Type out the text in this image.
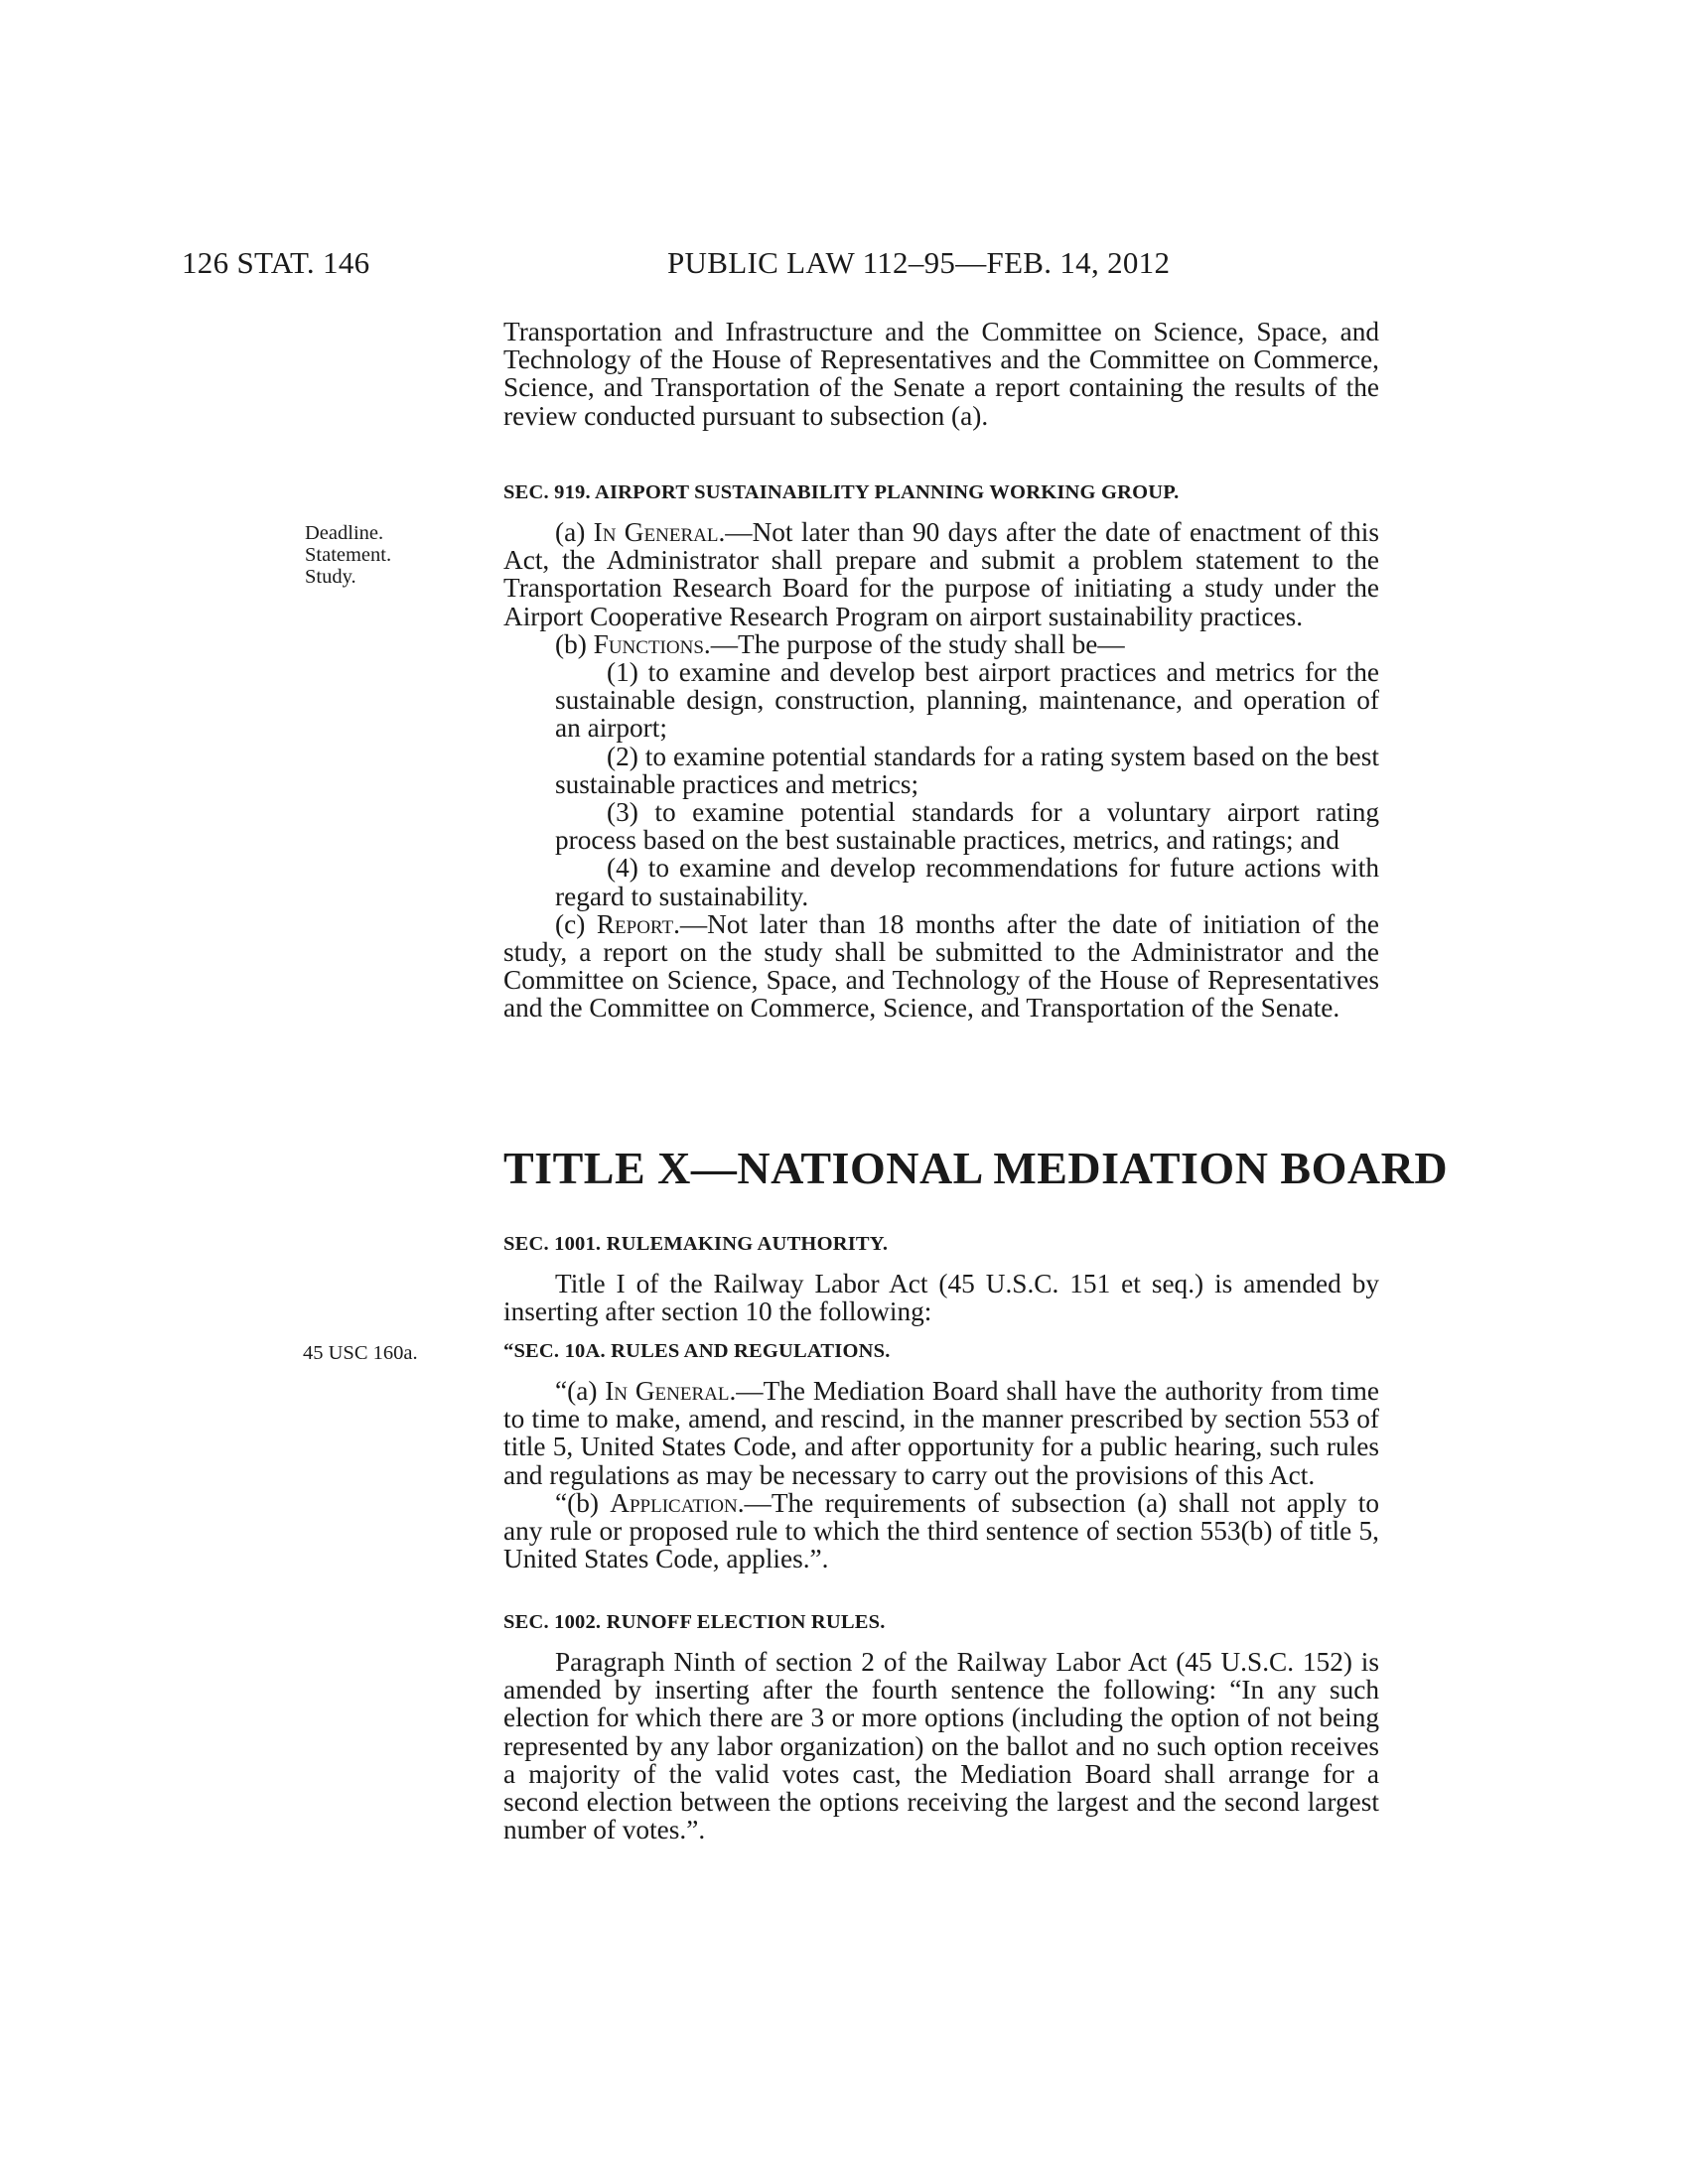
126 STAT. 146	PUBLIC LAW 112–95—FEB. 14, 2012

Transportation and Infrastructure and the Committee on Science, Space, and Technology of the House of Representatives and the Committee on Commerce, Science, and Transportation of the Senate a report containing the results of the review conducted pursuant to subsection (a).

SEC. 919. AIRPORT SUSTAINABILITY PLANNING WORKING GROUP.

Deadline.
Statement.
Study.

(a) In General.—Not later than 90 days after the date of enactment of this Act, the Administrator shall prepare and submit a problem statement to the Transportation Research Board for the purpose of initiating a study under the Airport Cooperative Research Program on airport sustainability practices.

(b) Functions.—The purpose of the study shall be—

(1) to examine and develop best airport practices and metrics for the sustainable design, construction, planning, maintenance, and operation of an airport;

(2) to examine potential standards for a rating system based on the best sustainable practices and metrics;

(3) to examine potential standards for a voluntary airport rating process based on the best sustainable practices, metrics, and ratings; and

(4) to examine and develop recommendations for future actions with regard to sustainability.

(c) Report.—Not later than 18 months after the date of initiation of the study, a report on the study shall be submitted to the Administrator and the Committee on Science, Space, and Technology of the House of Representatives and the Committee on Commerce, Science, and Transportation of the Senate.

TITLE X—NATIONAL MEDIATION BOARD

SEC. 1001. RULEMAKING AUTHORITY.

Title I of the Railway Labor Act (45 U.S.C. 151 et seq.) is amended by inserting after section 10 the following:

45 USC 160a.	“SEC. 10A. RULES AND REGULATIONS.

“(a) In General.—The Mediation Board shall have the authority from time to time to make, amend, and rescind, in the manner prescribed by section 553 of title 5, United States Code, and after opportunity for a public hearing, such rules and regulations as may be necessary to carry out the provisions of this Act.

“(b) Application.—The requirements of subsection (a) shall not apply to any rule or proposed rule to which the third sentence of section 553(b) of title 5, United States Code, applies.”.

SEC. 1002. RUNOFF ELECTION RULES.

Paragraph Ninth of section 2 of the Railway Labor Act (45 U.S.C. 152) is amended by inserting after the fourth sentence the following: “In any such election for which there are 3 or more options (including the option of not being represented by any labor organization) on the ballot and no such option receives a majority of the valid votes cast, the Mediation Board shall arrange for a second election between the options receiving the largest and the second largest number of votes.”.
